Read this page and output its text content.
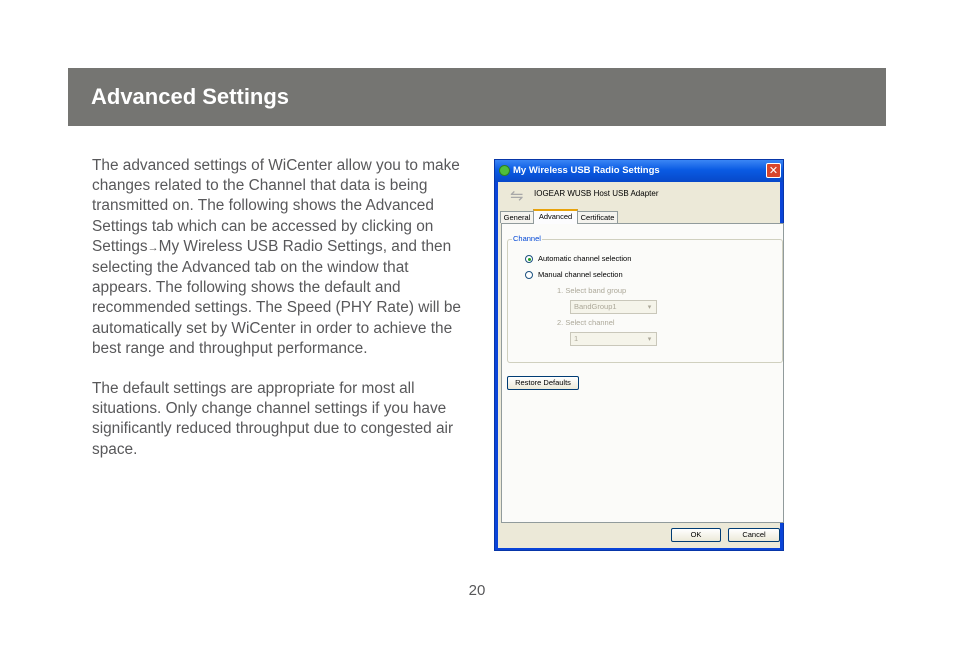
Advanced Settings

The advanced settings of WiCenter allow you to make changes related to the Channel that data is being transmitted on. The following shows the Advanced Settings tab which can be accessed by clicking on Settings→My Wireless USB Radio Settings, and then selecting the Advanced tab on the window that appears. The following shows the default and recommended settings. The Speed (PHY Rate) will be automatically set by WiCenter in order to achieve the best range and throughput performance.

The default settings are appropriate for most all situations. Only change channel settings if you have significantly reduced throughput due to congested air space.

My Wireless USB Radio Settings	✕
⇋ IOGEAR WUSB Host USB Adapter
General	Advanced	Certificate
Channel
Automatic channel selection
Manual channel selection
1. Select band group
BandGroup1	▾
2. Select channel
1	▾
Restore Defaults
OK	Cancel
20
